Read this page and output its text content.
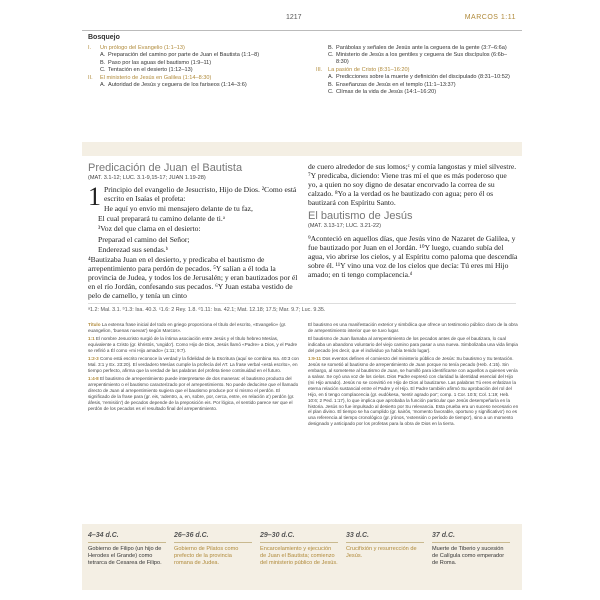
1217	MARCOS 1:11
Bosquejo
I.	Un prólogo del Evangelio (1:1–13)
A. Preparación del camino por parte de Juan el Bautista (1:1–8)
B. Paso por las aguas del bautismo (1:9–11)
C. Tentación en el desierto (1:12–13)
II.	El ministerio de Jesús en Galilea (1:14–8:30)
A. Autoridad de Jesús y ceguera de los fariseos (1:14–3:6)
B. Parábolas y señales de Jesús ante la ceguera de la gente (3:7–6:6a)
C. Ministerio de Jesús a los gentiles y ceguera de Sus discípulos (6:6b–8:30)
III.	La pasión de Cristo (8:31–16:20)
A. Predicciones sobre la muerte y definición del discipulado (8:31–10:52)
B. Enseñanzas de Jesús en el templo (11:1–13:37)
C. Clímax de la vida de Jesús (14:1–16:20)
Predicación de Juan el Bautista
(MAT. 3.1-12; LUC. 3.1-9,15-17; JUAN 1.19-28)
1 Principio del evangelio de Jesucristo, Hijo de Dios. ²Como está escrito en Isaías el profeta:
He aquí yo envío mi mensajero delante de tu faz,
El cual preparará tu camino delante de ti.ᵃ
³Voz del que clama en el desierto:
Preparad el camino del Señor;
Enderezad sus sendas.ᵇ
⁴Bautizaba Juan en el desierto, y predicaba el bautismo de arrepentimiento para perdón de pecados. ⁵Y salían a él toda la provincia de Judea, y todos los de Jerusalén; y eran bautizados por él en el río Jordán, confesando sus pecados. ⁶Y Juan estaba vestido de pelo de camello, y tenía un cinto
de cuero alrededor de sus lomos;ᶜ y comía langostas y miel silvestre. ⁷Y predicaba, diciendo: Viene tras mí el que es más poderoso que yo, a quien no soy digno de desatar encorvado la correa de su calzado. ⁸Yo a la verdad os he bautizado con agua; pero él os bautizará con Espíritu Santo.
El bautismo de Jesús
(MAT. 3.13-17; LUC. 3.21-22)
⁹Aconteció en aquellos días, que Jesús vino de Nazaret de Galilea, y fue bautizado por Juan en el Jordán. ¹⁰Y luego, cuando subía del agua, vio abrirse los cielos, y al Espíritu como paloma que descendía sobre él. ¹¹Y vino una voz de los cielos que decía: Tú eres mi Hijo amado; en ti tengo complacencia.ᵈ
ᵃ1.2: Mal. 3.1. ᵇ1.3: Isa. 40.3. ᶜ1.6: 2 Rey. 1.8. ᵈ1.11: Isa. 42.1; Mat. 12.18; 17.5; Mar. 9.7; Luc. 9.35.

Título La extensa frase inicial del todo en griego proporciona el título del escrito, «Evangelio» (gr. euangelion, 'buenas nuevas') según Marcos».

1:1 El nombre Jesucristo surgió de la íntima asociación entre Jesús y el título hebreo Mesías, equivalente a Cristo (gr. khristós, 'ungido'). Como Hijo de Dios, Jesús llamó «Padre» a Dios, y el Padre se refirió a Él como «mi Hijo amado» (1:11; 9:7).

1:2-3 Como está escrito reconoce la verdad y la fidelidad de la Escritura (aquí se combina Isa. 40:3 con Mal. 3:1 y Ex. 23:20). El verdadero Mesías cumple la profecía del AT. La frase verbal «está escrito», en tiempo perfecto, afirma que la verdad de las palabras del profeta tiene continuidad en el futuro.

1:4-8 El bautismo de arrepentimiento puede interpretarse de dos maneras: el bautismo producto del arrepentimiento o el bautismo caracterizado por el arrepentimiento. No puede deducirse que el llamado directo de Juan al arrepentimiento sugiera que el bautismo produce por sí mismo el perdón. El significado de la frase para (gr. eis, 'adentro, a, en, sobre, por, cerca, entre, en relación a') perdón (gr. áfesis, 'remisión') de pecados depende de la preposición eis. Por lógica, el sentido parece ser que el perdón de los pecados es el resultado final del arrepentimiento.

El bautismo es una manifestación exterior y simbólica que ofrece un testimonio público claro de la obra de arrepentimiento interior que se tuvo lugar.

El bautismo de Juan llamaba al arrepentimiento de los pecados antes de que el bautizara, lo cual indicaba un abandono voluntario del viejo camino para pasar a una nueva. Simbolizaba una vida limpia del pecado (es decir, que el individuo ya había tenido lugar).

1:9-11 Dos eventos definen el comienzo del ministerio público de Jesús: Su bautismo y Su tentación. Jesús se sometió al bautismo de arrepentimiento de Juan porque no tenía pecado (Heb. 4:15). Sin embargo, al someterse al bautismo de Juan, se humilló para identificarse con aquellos a quienes venía a salvar. Se oyó una voz de los cielos. Dios Padre expresó con claridad la identidad esencial del Hijo (mi Hijo amado). Jesús no se convirtió en Hijo de Dios al bautizarse. Las palabras Tú eres enfatizan la eterna relación sustancial entre el Padre y el Hijo. El Padre también afirmó Su aprobación del rol del Hijo, en ti tengo complacencia (gr. eudókesa, 'sentir agrado por'; comp. 1 Cor. 10:5; Col. 1:19; Heb. 10:6; 2 Ped. 1:17), lo que implica que aprobaba la función particular que Jesús desempeñaría en la historia. Jesús no fue impulsado al desierto por Su relevancia. Esta prueba era un suceso necesario en el plan divino. El tiempo se ha cumplido (gr. kairós, 'momento favorable, oportuno y significativo') no es una referencia al tiempo cronológico (gr. jrónos, 'extensión o período de tiempo'), sino a un momento designado y anticipado por los profetas para la obra de Dios en la tierra.

4–34 d.C.
Gobierno de Filipo (un hijo de Herodes el Grande) como tetrarca de Cesarea de Filipo.
26–36 d.C.
Gobierno de Pilatos como prefecto de la provincia romana de Judea.
29–30 d.C.
Encarcelamiento y ejecución de Juan el Bautista; comienzo del ministerio público de Jesús.
33 d.C.
Crucifixión y resurrección de Jesús.
37 d.C.
Muerte de Tiberio y sucesión de Calígula como emperador de Roma.
